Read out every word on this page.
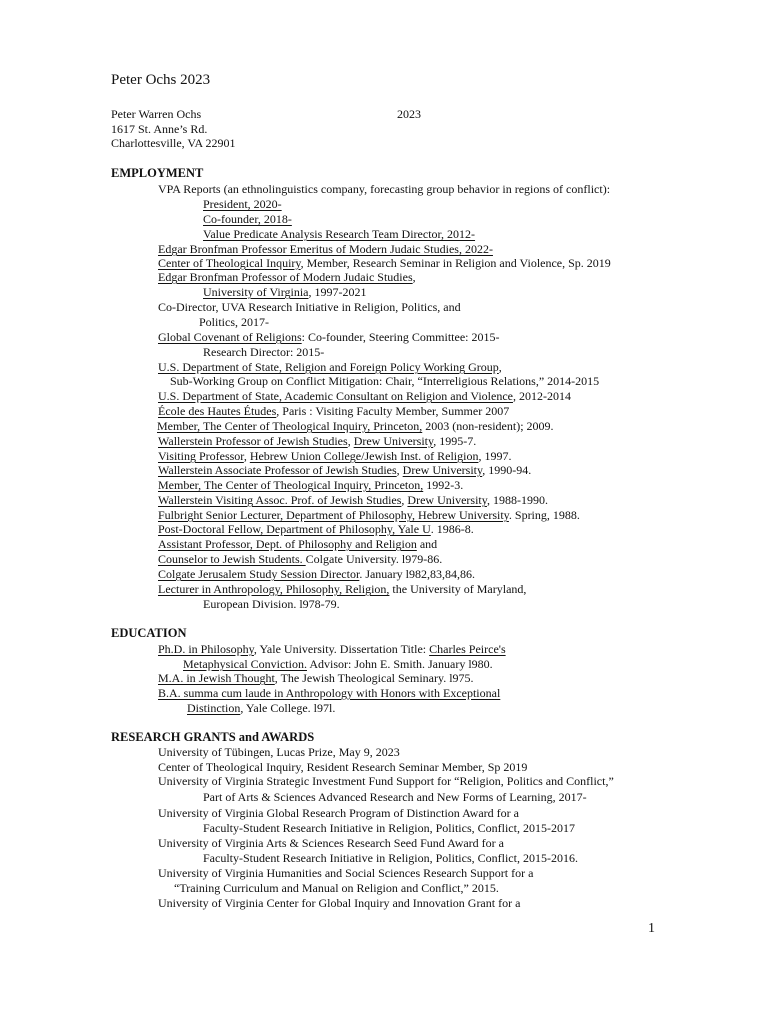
Peter Ochs 2023
Peter Warren Ochs	2023
1617 St. Anne’s Rd.
Charlottesville, VA 22901
EMPLOYMENT
VPA Reports (an ethnolinguistics company, forecasting group behavior in regions of conflict):
President, 2020-
Co-founder, 2018-
Value Predicate Analysis Research Team Director, 2012-
Edgar Bronfman Professor Emeritus of Modern Judaic Studies, 2022-
Center of Theological Inquiry, Member, Research Seminar in Religion and Violence, Sp. 2019
Edgar Bronfman Professor of Modern Judaic Studies,
University of Virginia, 1997-2021
Co-Director, UVA Research Initiative in Religion, Politics, and
Politics, 2017-
Global Covenant of Religions: Co-founder, Steering Committee: 2015-
Research Director: 2015-
U.S. Department of State, Religion and Foreign Policy Working Group,
Sub-Working Group on Conflict Mitigation: Chair, “Interreligious Relations,” 2014-2015
U.S. Department of State, Academic Consultant on Religion and Violence, 2012-2014
École des Hautes Études, Paris : Visiting Faculty Member, Summer 2007
Member, The Center of Theological Inquiry, Princeton, 2003 (non-resident); 2009.
Wallerstein Professor of Jewish Studies, Drew University, 1995-7.
Visiting Professor, Hebrew Union College/Jewish Inst. of Religion, 1997.
Wallerstein Associate Professor of Jewish Studies, Drew University, 1990-94.
Member, The Center of Theological Inquiry, Princeton, 1992-3.
Wallerstein Visiting Assoc. Prof. of Jewish Studies, Drew University, 1988-1990.
Fulbright Senior Lecturer, Department of Philosophy, Hebrew University. Spring, 1988.
Post-Doctoral Fellow, Department of Philosophy, Yale U. 1986-8.
Assistant Professor, Dept. of Philosophy and Religion and
Counselor to Jewish Students. Colgate University. l979-86.
Colgate Jerusalem Study Session Director. January l982,83,84,86.
Lecturer in Anthropology, Philosophy, Religion, the University of Maryland,
European Division. l978-79.
EDUCATION
Ph.D. in Philosophy, Yale University. Dissertation Title: Charles Peirce's
Metaphysical Conviction. Advisor: John E. Smith. January l980.
M.A. in Jewish Thought, The Jewish Theological Seminary. l975.
B.A. summa cum laude in Anthropology with Honors with Exceptional
Distinction, Yale College. l97l.
RESEARCH GRANTS and AWARDS
University of Tübingen, Lucas Prize, May 9, 2023
Center of Theological Inquiry, Resident Research Seminar Member, Sp 2019
University of Virginia Strategic Investment Fund Support for “Religion, Politics and Conflict,”
Part of Arts & Sciences Advanced Research and New Forms of Learning, 2017-
University of Virginia Global Research Program of Distinction Award for a
Faculty-Student Research Initiative in Religion, Politics, Conflict, 2015-2017
University of Virginia Arts & Sciences Research Seed Fund Award for a
Faculty-Student Research Initiative in Religion, Politics, Conflict, 2015-2016.
University of Virginia Humanities and Social Sciences Research Support for a
“Training Curriculum and Manual on Religion and Conflict,” 2015.
University of Virginia Center for Global Inquiry and Innovation Grant for a
1
